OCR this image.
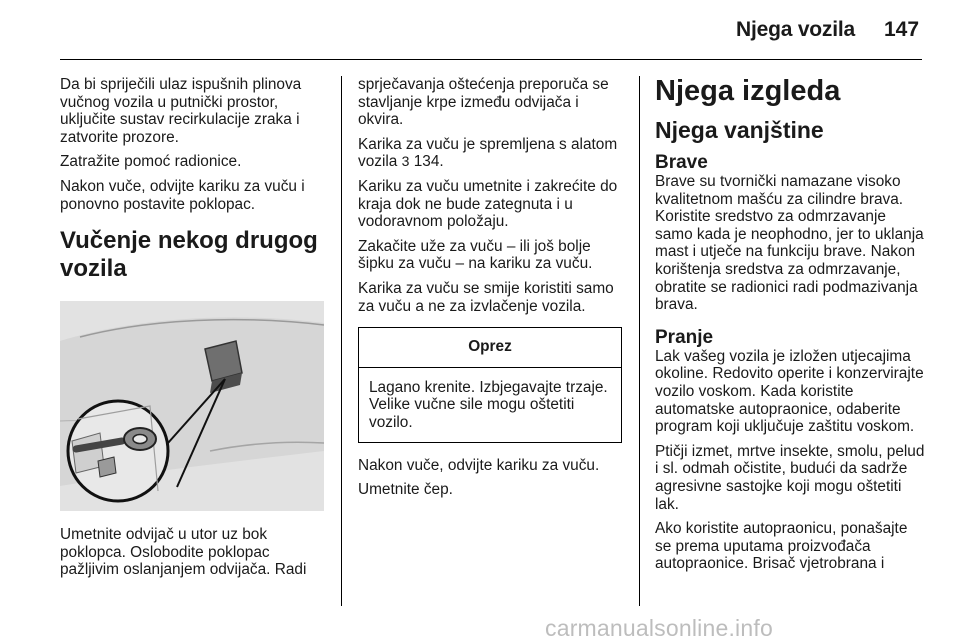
Njega vozila 147

Da bi spriječili ulaz ispušnih plinova vučnog vozila u putnički prostor, uključite sustav recirkulacije zraka i zatvorite prozore.

Zatražite pomoć radionice.

Nakon vuče, odvijte kariku za vuču i ponovno postavite poklopac.

Vučenje nekog drugog vozila

Umetnite odvijač u utor uz bok poklopca. Oslobodite poklopac pažljivim oslanjanjem odvijača. Radi

sprječavanja oštećenja preporuča se stavljanje krpe između odvijača i okvira.

Karika za vuču je spremljena s alatom vozila 3 134.

Kariku za vuču umetnite i zakrećite do kraja dok ne bude zategnuta i u vodoravnom položaju.

Zakačite uže za vuču – ili još bolje šipku za vuču – na kariku za vuču.

Karika za vuču se smije koristiti samo za vuču a ne za izvlačenje vozila.

Oprez
Lagano krenite. Izbjegavajte trzaje. Velike vučne sile mogu oštetiti vozilo.

Nakon vuče, odvijte kariku za vuču.

Umetnite čep.

Njega izgleda
Njega vanjštine
Brave

Brave su tvornički namazane visoko kvalitetnom mašću za cilindre brava. Koristite sredstvo za odmrzavanje samo kada je neophodno, jer to uklanja mast i utječe na funkciju brave. Nakon korištenja sredstva za odmrzavanje, obratite se radionici radi podmazivanja brava.

Pranje

Lak vašeg vozila je izložen utjecajima okoline. Redovito operite i konzervirajte vozilo voskom. Kada koristite automatske autopraonice, odaberite program koji uključuje zaštitu voskom.

Ptičji izmet, mrtve insekte, smolu, pelud i sl. odmah očistite, budući da sadrže agresivne sastojke koji mogu oštetiti lak.

Ako koristite autopraonicu, ponašajte se prema uputama proizvođača autopraonice. Brisač vjetrobrana i

carmanualsonline.info
